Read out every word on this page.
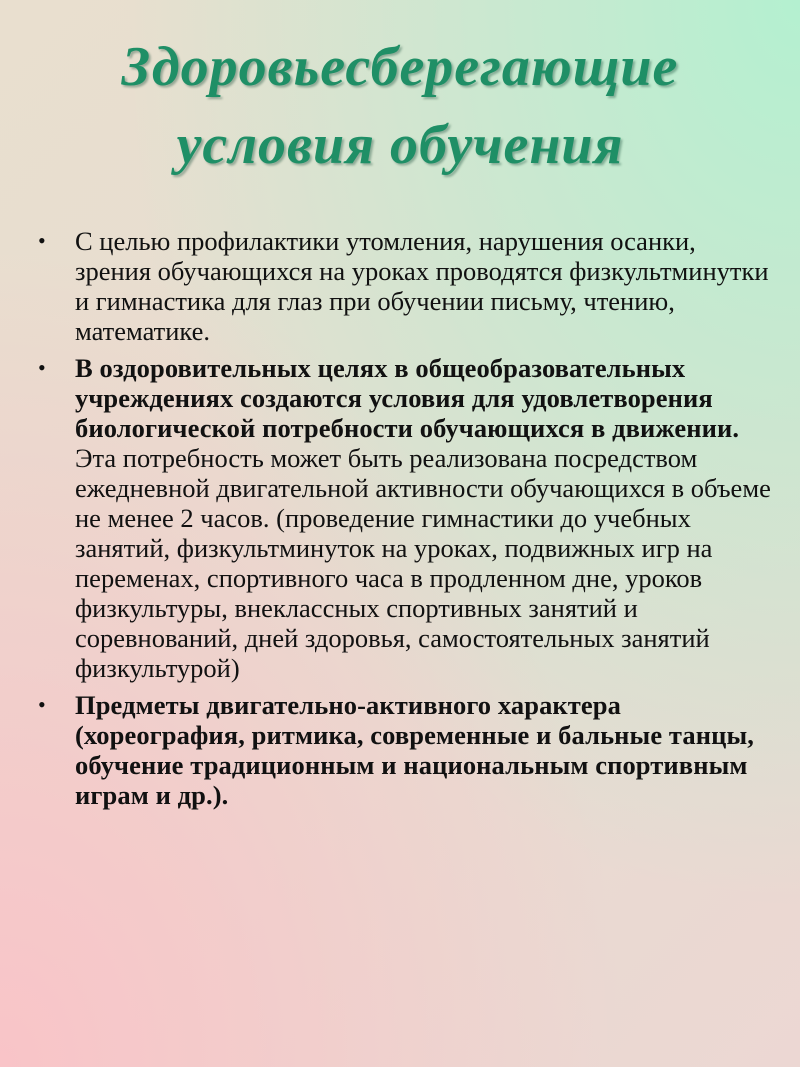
Здоровьесберегающие
условия обучения
• С целью профилактики утомления, нарушения осанки, зрения обучающихся на уроках проводятся физкультминутки и гимнастика для глаз при обучении письму, чтению, математике.
• В оздоровительных целях в общеобразовательных учреждениях создаются условия для удовлетворения биологической потребности обучающихся в движении. Эта потребность может быть реализована посредством ежедневной двигательной активности обучающихся в объеме не менее 2 часов. (проведение гимнастики до учебных занятий, физкультминуток на уроках, подвижных игр на переменах, спортивного часа в продленном дне, уроков физкультуры, внеклассных спортивных занятий и соревнований, дней здоровья, самостоятельных занятий физкультурой)
• Предметы двигательно-активного характера (хореография, ритмика, современные и бальные танцы, обучение традиционным и национальным спортивным играм и др.).
